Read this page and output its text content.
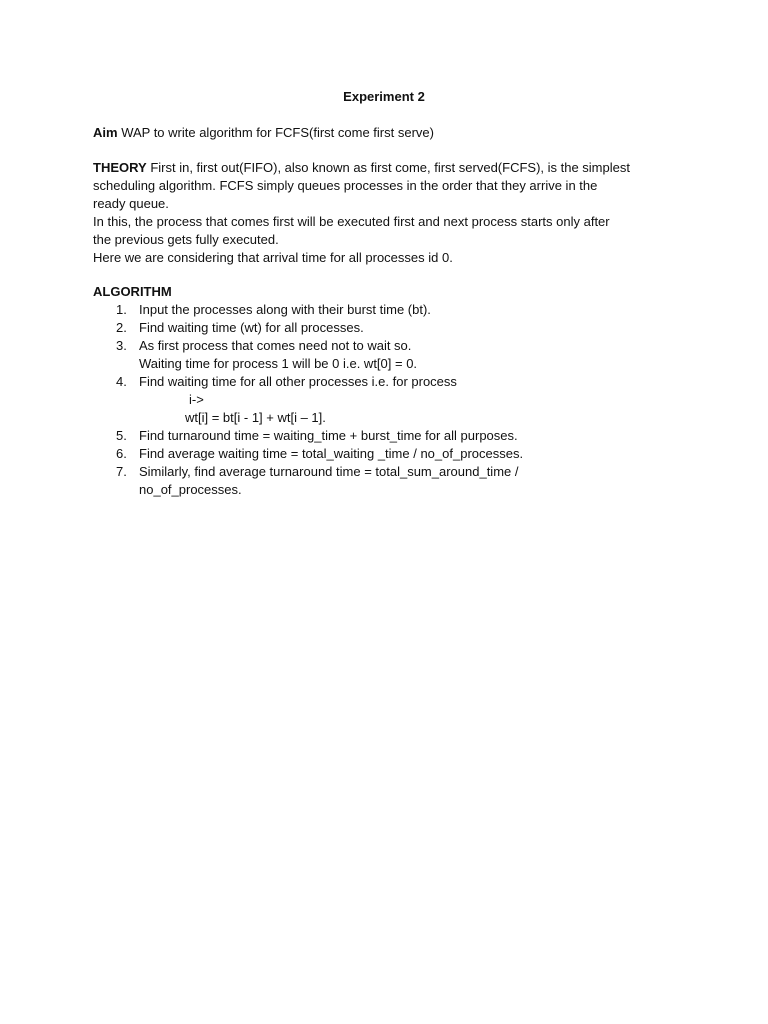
Experiment 2
Aim WAP to write algorithm for FCFS(first come first serve)
THEORY First in, first out(FIFO), also known as first come, first served(FCFS), is the simplest
scheduling algorithm. FCFS simply queues processes in the order that they arrive in the
ready queue.
In this, the process that comes first will be executed first and next process starts only after
the previous gets fully executed.
Here we are considering that arrival time for all processes id 0.
ALGORITHM
1. Input the processes along with their burst time (bt).
2. Find waiting time (wt) for all processes.
3. As first process that comes need not to wait so.
Waiting time for process 1 will be 0 i.e. wt[0] = 0.
4. Find waiting time for all other processes i.e. for process
i->
wt[i] = bt[i - 1] + wt[i – 1].
5. Find turnaround time = waiting_time + burst_time for all purposes.
6. Find average waiting time = total_waiting _time / no_of_processes.
7. Similarly, find average turnaround time = total_sum_around_time /
no_of_processes.
